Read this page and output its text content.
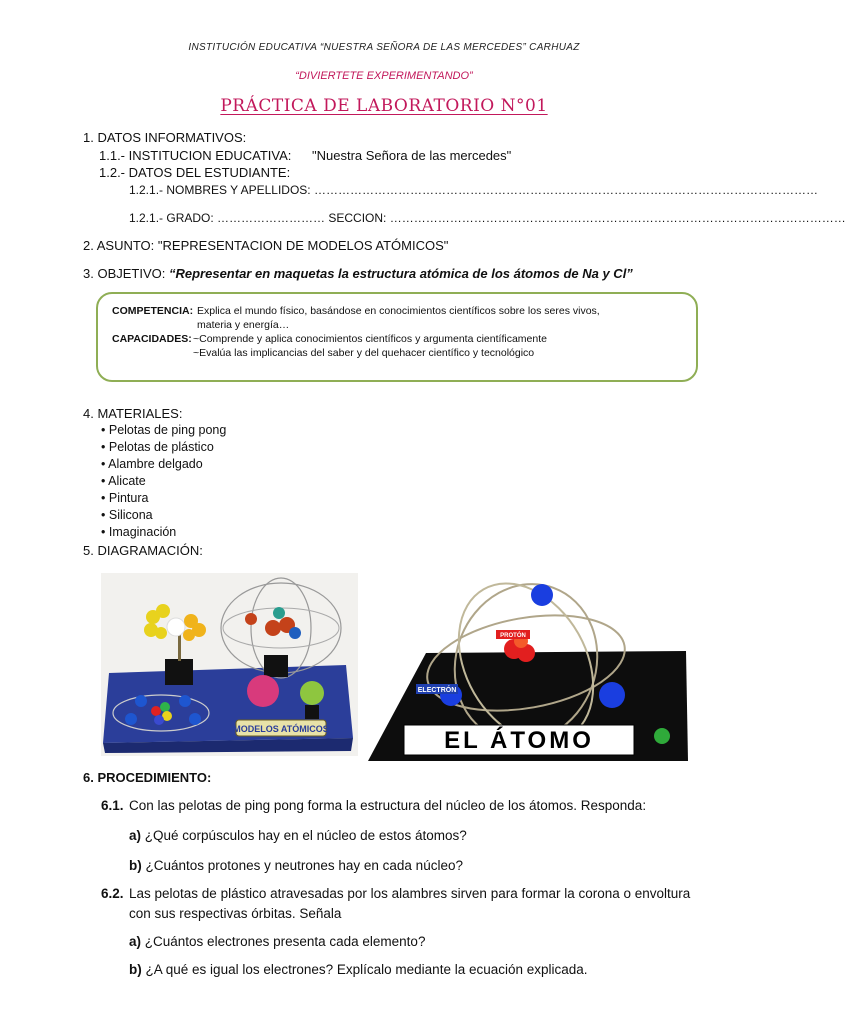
INSTITUCIÓN EDUCATIVA “NUESTRA SEÑORA DE LAS MERCEDES” CARHUAZ
“DIVIERTETE EXPERIMENTANDO”
PRÁCTICA DE LABORATORIO N°01
1. DATOS INFORMATIVOS:
1.1.- INSTITUCION EDUCATIVA: "Nuestra Señora de las mercedes"
1.2.- DATOS DEL ESTUDIANTE:
1.2.1.- NOMBRES Y APELLIDOS: ………………………………………………………………………………………………………………
1.2.1.- GRADO: ……………………… SECCION: ……………………………………………………………………………………………………
2. ASUNTO: "REPRESENTACION DE MODELOS ATÓMICOS"
3. OBJETIVO: “Representar en maquetas la estructura atómica de los átomos de Na y Cl”
COMPETENCIA: Explica el mundo físico, basándose en conocimientos científicos sobre los seres vivos,
materia y energía…
CAPACIDADES: ~Comprende y aplica conocimientos científicos y argumenta científicamente
~Evalúa las implicancias del saber y del quehacer científico y tecnológico
4. MATERIALES:
• Pelotas de ping pong
• Pelotas de plástico
• Alambre delgado
• Alicate
• Pintura
• Silicona
• Imaginación
5. DIAGRAMACIÓN:
MODELOS ATÓMICOS
ELECTRÓN
PROTÓN
EL ÁTOMO
6. PROCEDIMIENTO:
6.1. Con las pelotas de ping pong forma la estructura del núcleo de los átomos. Responda:
a) ¿Qué corpúsculos hay en el núcleo de estos átomos?
b) ¿Cuántos protones y neutrones hay en cada núcleo?
6.2. Las pelotas de plástico atravesadas por los alambres sirven para formar la corona o envoltura
con sus respectivas órbitas. Señala
a) ¿Cuántos electrones presenta cada elemento?
b) ¿A qué es igual los electrones? Explícalo mediante la ecuación explicada.
